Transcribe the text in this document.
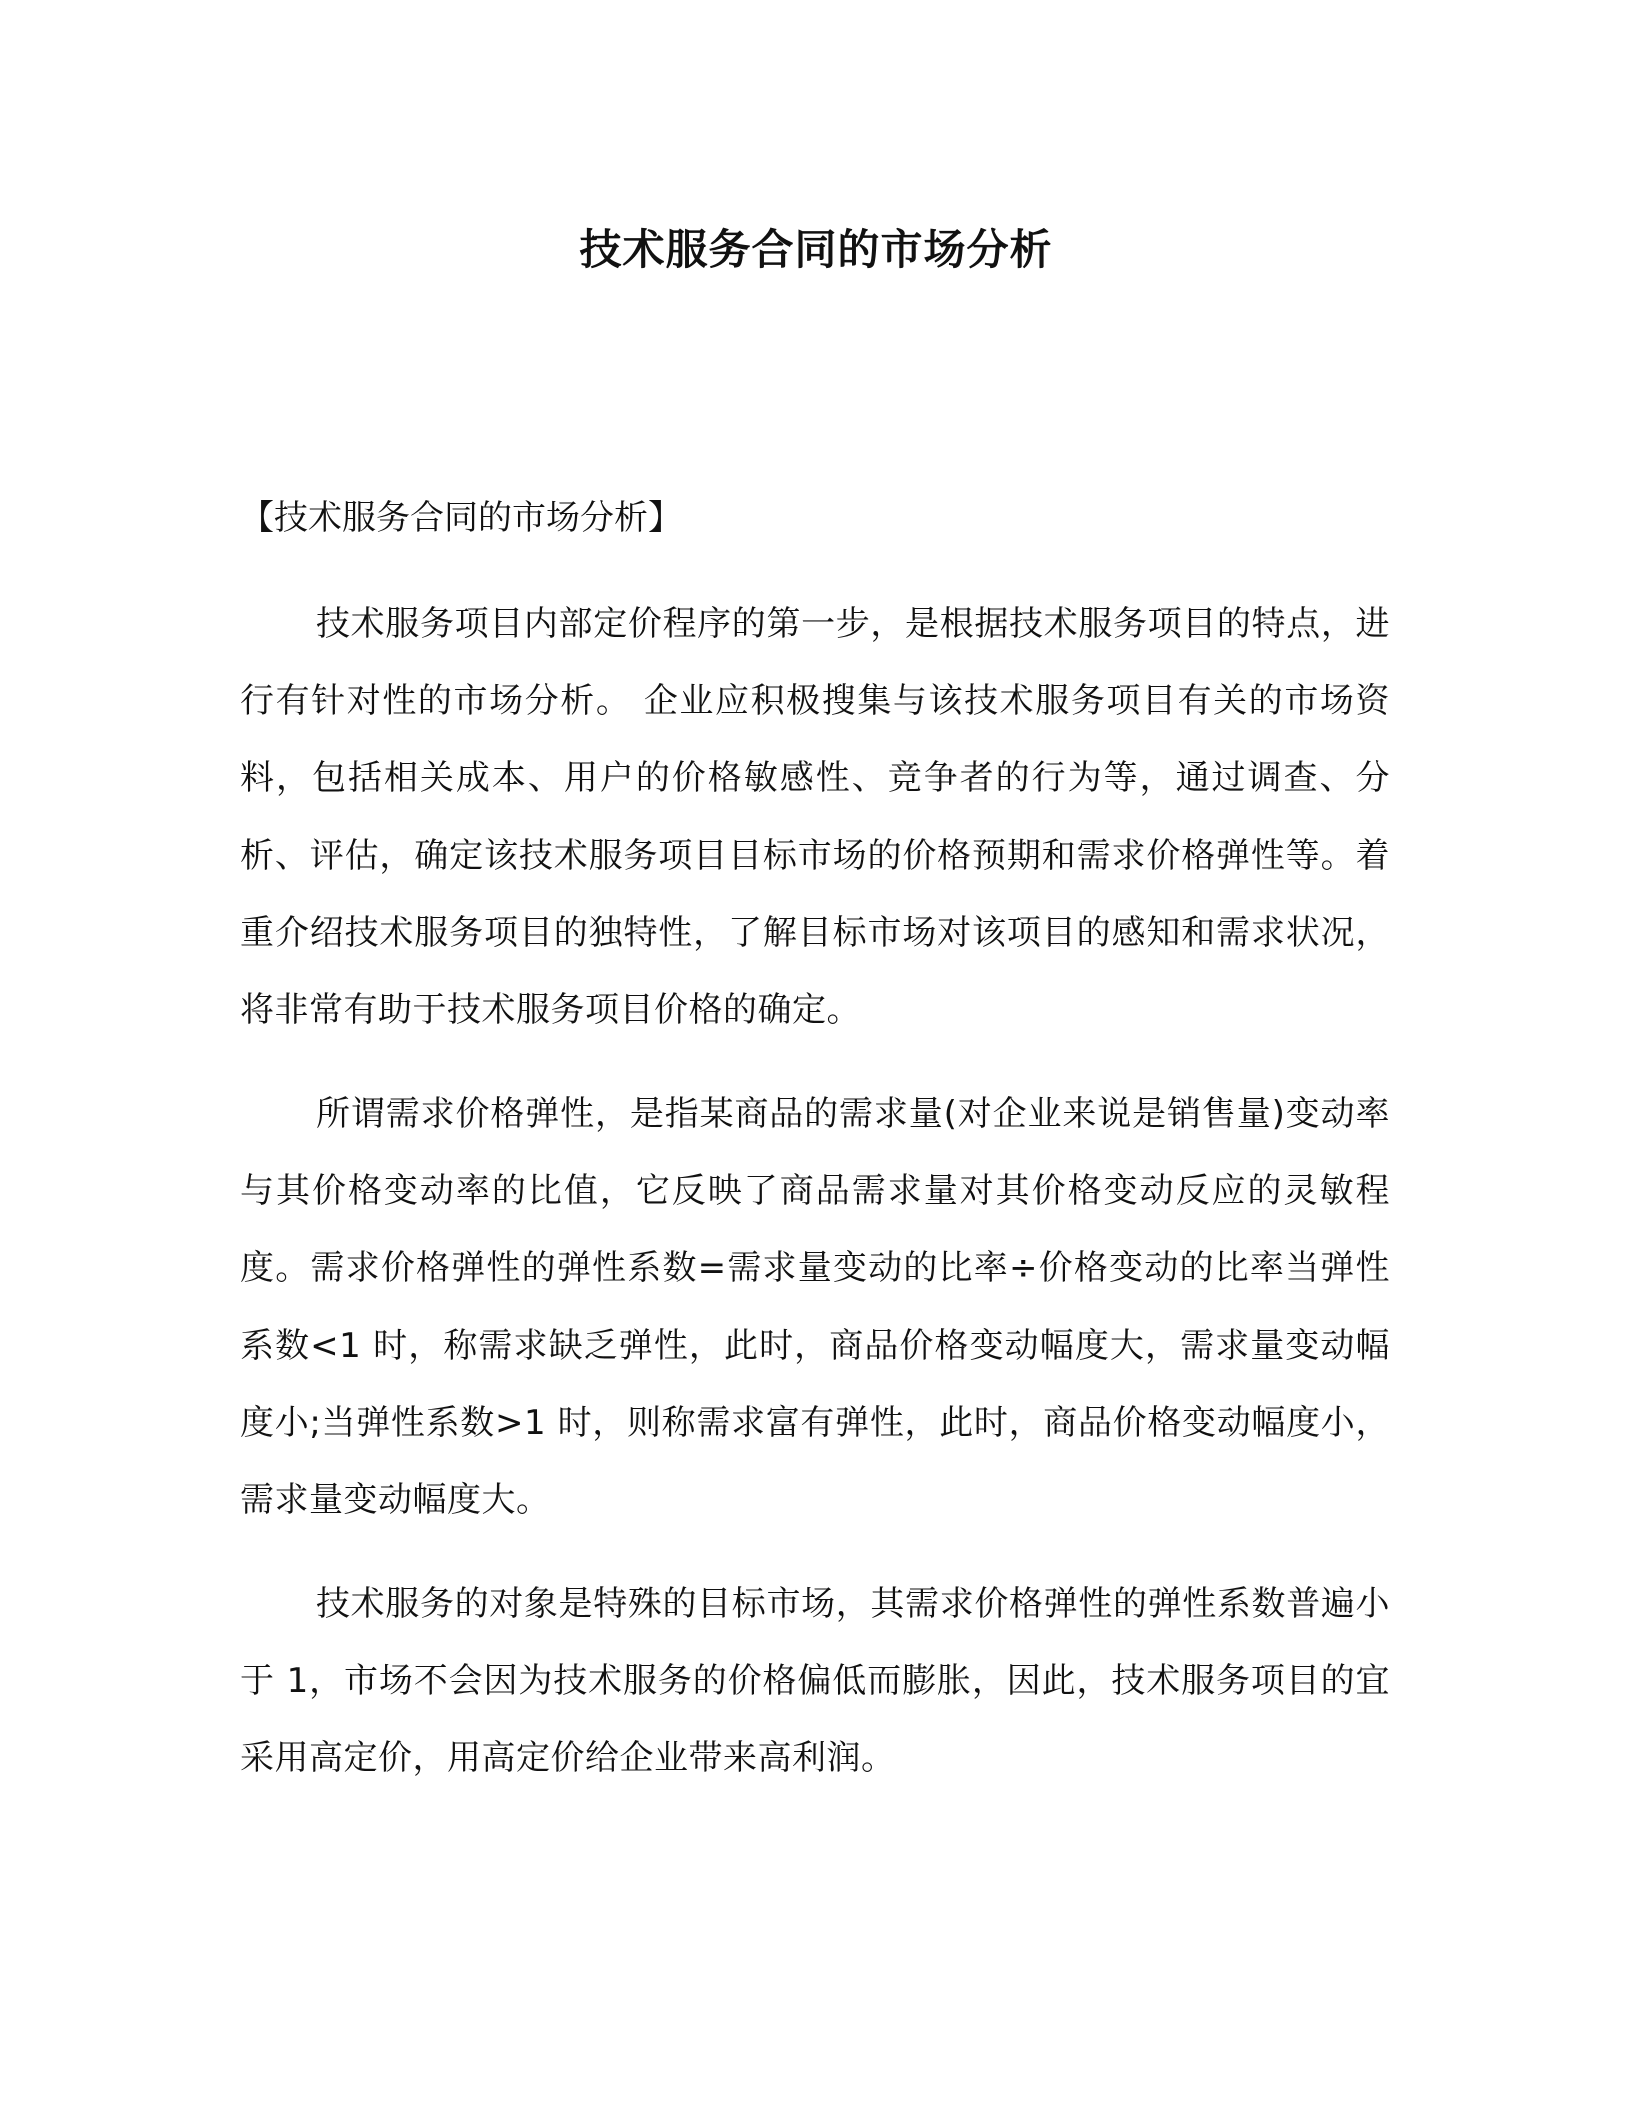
技术服务合同的市场分析

【技术服务合同的市场分析】

技术服务项目内部定价程序的第一步，是根据技术服务项目的特点，进行有针对性的市场分析。 企业应积极搜集与该技术服务项目有关的市场资料，包括相关成本、用户的价格敏感性、竞争者的行为等，通过调查、分析、评估，确定该技术服务项目目标市场的价格预期和需求价格弹性等。着重介绍技术服务项目的独特性，了解目标市场对该项目的感知和需求状况，将非常有助于技术服务项目价格的确定。

所谓需求价格弹性，是指某商品的需求量(对企业来说是销售量)变动率与其价格变动率的比值，它反映了商品需求量对其价格变动反应的灵敏程度。需求价格弹性的弹性系数=需求量变动的比率÷价格变动的比率当弹性系数<1 时，称需求缺乏弹性，此时，商品价格变动幅度大，需求量变动幅度小;当弹性系数>1 时，则称需求富有弹性，此时，商品价格变动幅度小，需求量变动幅度大。

技术服务的对象是特殊的目标市场，其需求价格弹性的弹性系数普遍小于 1，市场不会因为技术服务的价格偏低而膨胀，因此，技术服务项目的宜采用高定价，用高定价给企业带来高利润。
